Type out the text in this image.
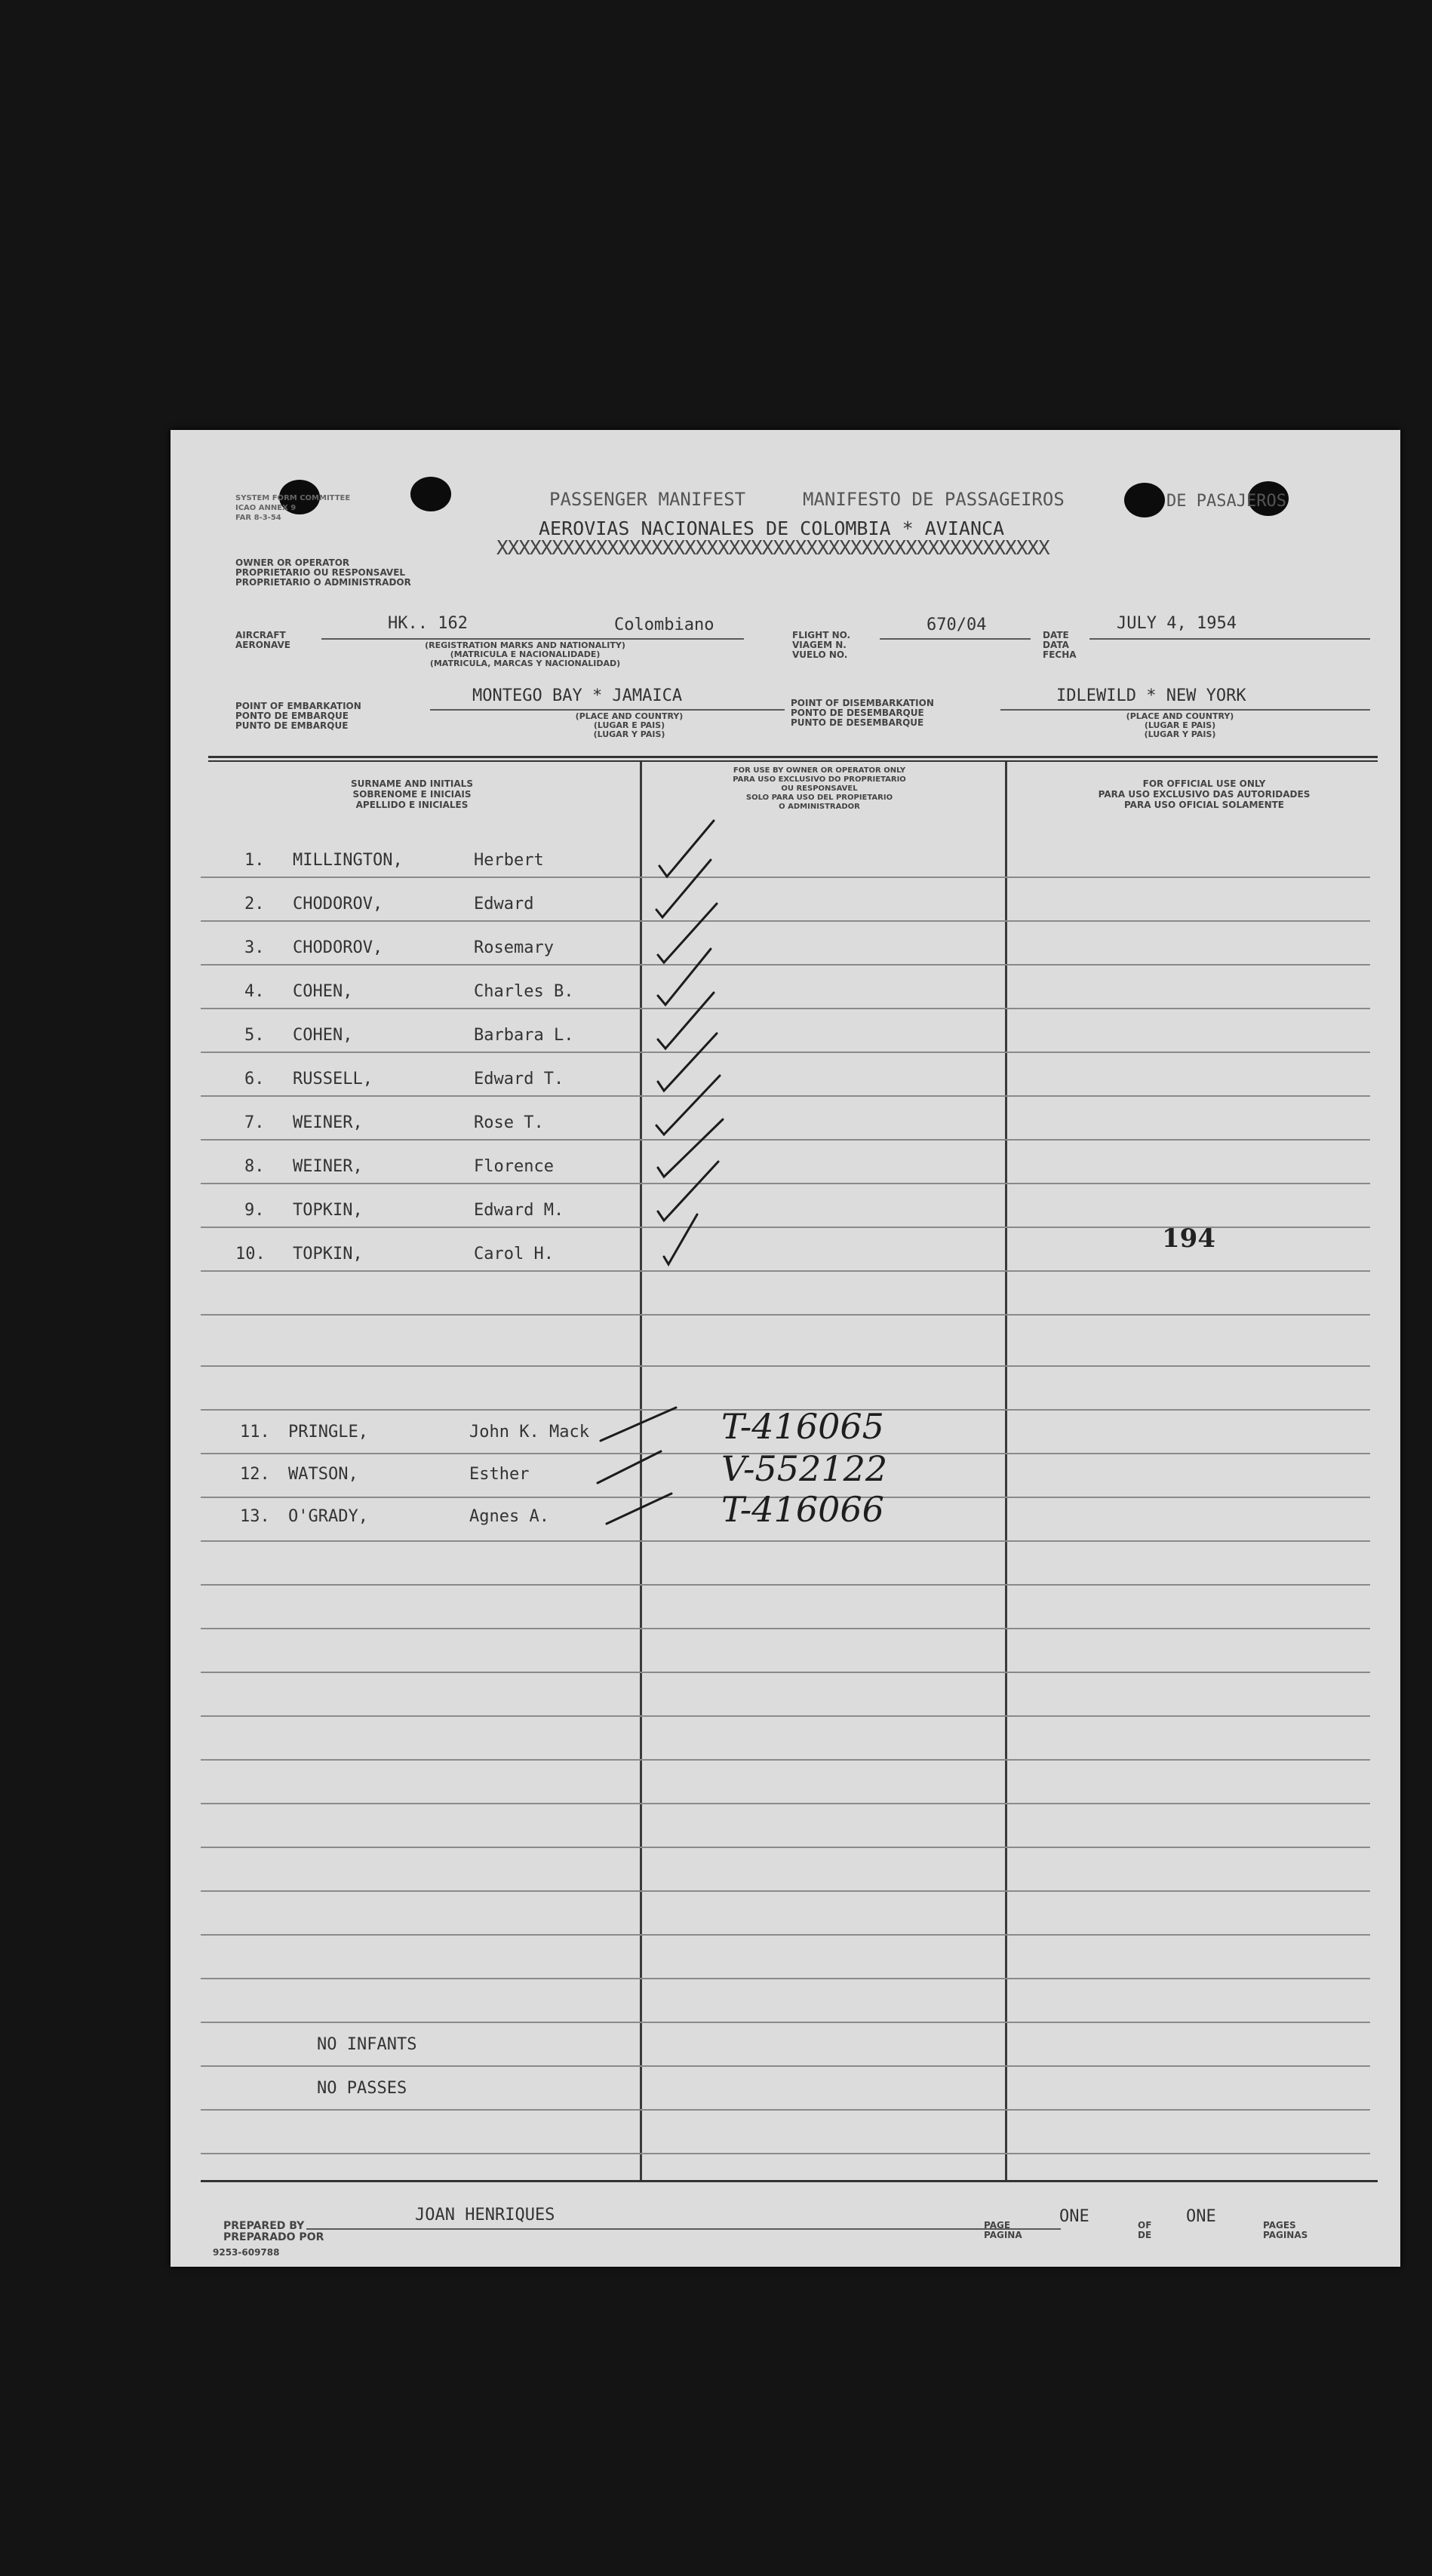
SYSTEM FORM COMMITTEE
ICAO ANNEX 9
FAR 8-3-54
PASSENGER MANIFEST	MANIFESTO DE PASSAGEIROS	DE PASAJEROS
AEROVIAS NACIONALES DE COLOMBIA * AVIANCA
XXXXXXXXXXXXXXXXXXXXXXXXXXXXXXXXXXXXXXXXXXXXXXXXXX
OWNER OR OPERATOR
PROPRIETARIO OU RESPONSAVEL
PROPRIETARIO O ADMINISTRADOR
AIRCRAFT
AERONAVE
HK.. 162	Colombiano
(REGISTRATION MARKS AND NATIONALITY)
(MATRICULA E NACIONALIDADE)
(MATRICULA, MARCAS Y NACIONALIDAD)
FLIGHT NO.
VIAGEM N.
VUELO NO.
670/04
DATE
DATA
FECHA
JULY 4, 1954
POINT OF EMBARKATION
PONTO DE EMBARQUE
PUNTO DE EMBARQUE
MONTEGO BAY * JAMAICA
(PLACE AND COUNTRY)
(LUGAR E PAIS)
(LUGAR Y PAIS)
POINT OF DISEMBARKATION
PONTO DE DESEMBARQUE
PUNTO DE DESEMBARQUE
IDLEWILD * NEW YORK
(PLACE AND COUNTRY)
(LUGAR E PAIS)
(LUGAR Y PAIS)
SURNAME AND INITIALS
SOBRENOME E INICIAIS
APELLIDO E INICIALES
FOR USE BY OWNER OR OPERATOR ONLY
PARA USO EXCLUSIVO DO PROPRIETARIO
OU RESPONSAVEL
SOLO PARA USO DEL PROPIETARIO
O ADMINISTRADOR
FOR OFFICIAL USE ONLY
PARA USO EXCLUSIVO DAS AUTORIDADES
PARA USO OFICIAL SOLAMENTE
1. MILLINGTON,	Herbert
2. CHODOROV,	Edward
3. CHODOROV,	Rosemary
4. COHEN,	Charles B.
5. COHEN,	Barbara L.
6. RUSSELL,	Edward T.
7. WEINER,	Rose T.
8. WEINER,	Florence
9. TOPKIN,	Edward M.
10. TOPKIN,	Carol H.
194
11. PRINGLE,	John K. Mack	T-416065
12. WATSON,	Esther	V-552122
13. O'GRADY,	Agnes A.	T-416066
NO INFANTS
NO PASSES
PREPARED BY
PREPARADO POR
JOAN HENRIQUES
9253-609788
PAGE
PAGINA
ONE	OF
DE
ONE	PAGES
PAGINAS
